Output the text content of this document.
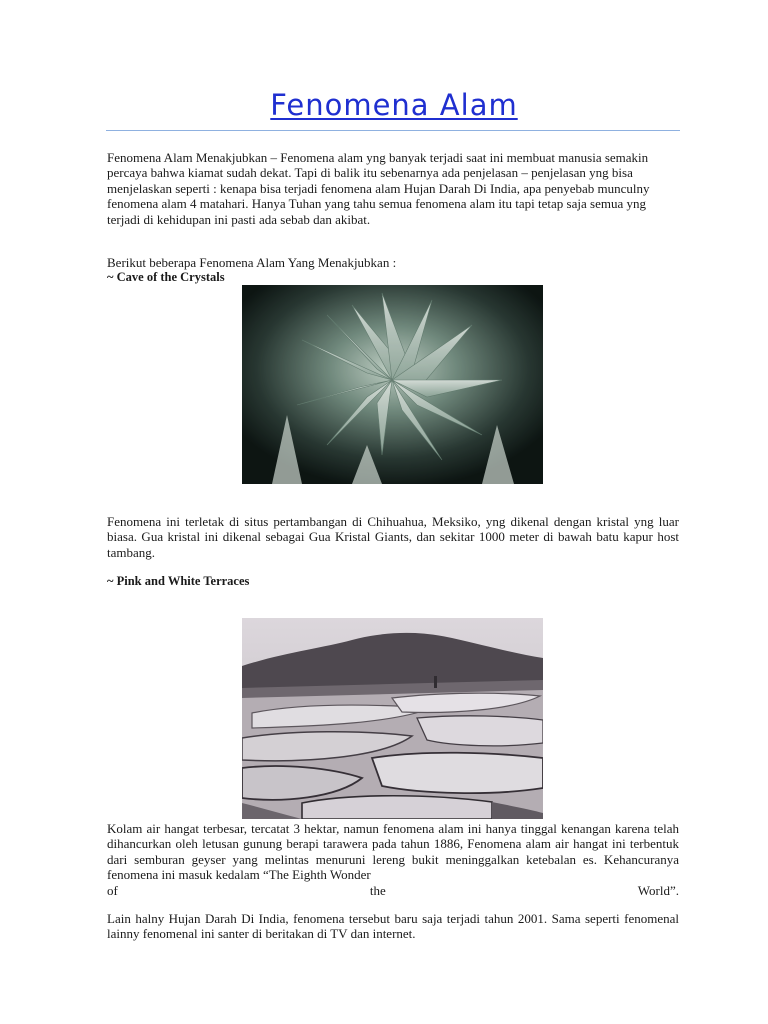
Fenomena Alam

Fenomena Alam Menakjubkan – Fenomena alam yng banyak terjadi saat ini membuat manusia semakin percaya bahwa kiamat sudah dekat. Tapi di balik itu sebenarnya ada penjelasan – penjelasan yng bisa menjelaskan seperti : kenapa bisa terjadi fenomena alam Hujan Darah Di India, apa penyebab munculny fenomena alam 4 matahari. Hanya Tuhan yang tahu semua fenomena alam itu tapi tetap saja semua yng terjadi di kehidupan ini pasti ada sebab dan akibat.

Berikut beberapa Fenomena Alam Yang Menakjubkan :

~ Cave of the Crystals

Fenomena ini terletak di situs pertambangan di Chihuahua, Meksiko, yng dikenal dengan kristal yng luar biasa. Gua kristal ini dikenal sebagai Gua Kristal Giants, dan sekitar 1000 meter di bawah batu kapur host tambang.

~ Pink and White Terraces

Kolam air hangat terbesar, tercatat 3 hektar, namun fenomena alam ini hanya tinggal kenangan karena telah dihancurkan oleh letusan gunung berapi tarawera pada tahun 1886, Fenomena alam air hangat ini terbentuk dari semburan geyser yang melintas menuruni lereng bukit meninggalkan ketebalan es. Kehancuranya fenomena ini masuk kedalam “The Eighth Wonder
of	the	World”.

Lain halny Hujan Darah Di India, fenomena tersebut baru saja terjadi tahun 2001. Sama seperti fenomenal lainny fenomenal ini santer di beritakan di TV dan internet.
